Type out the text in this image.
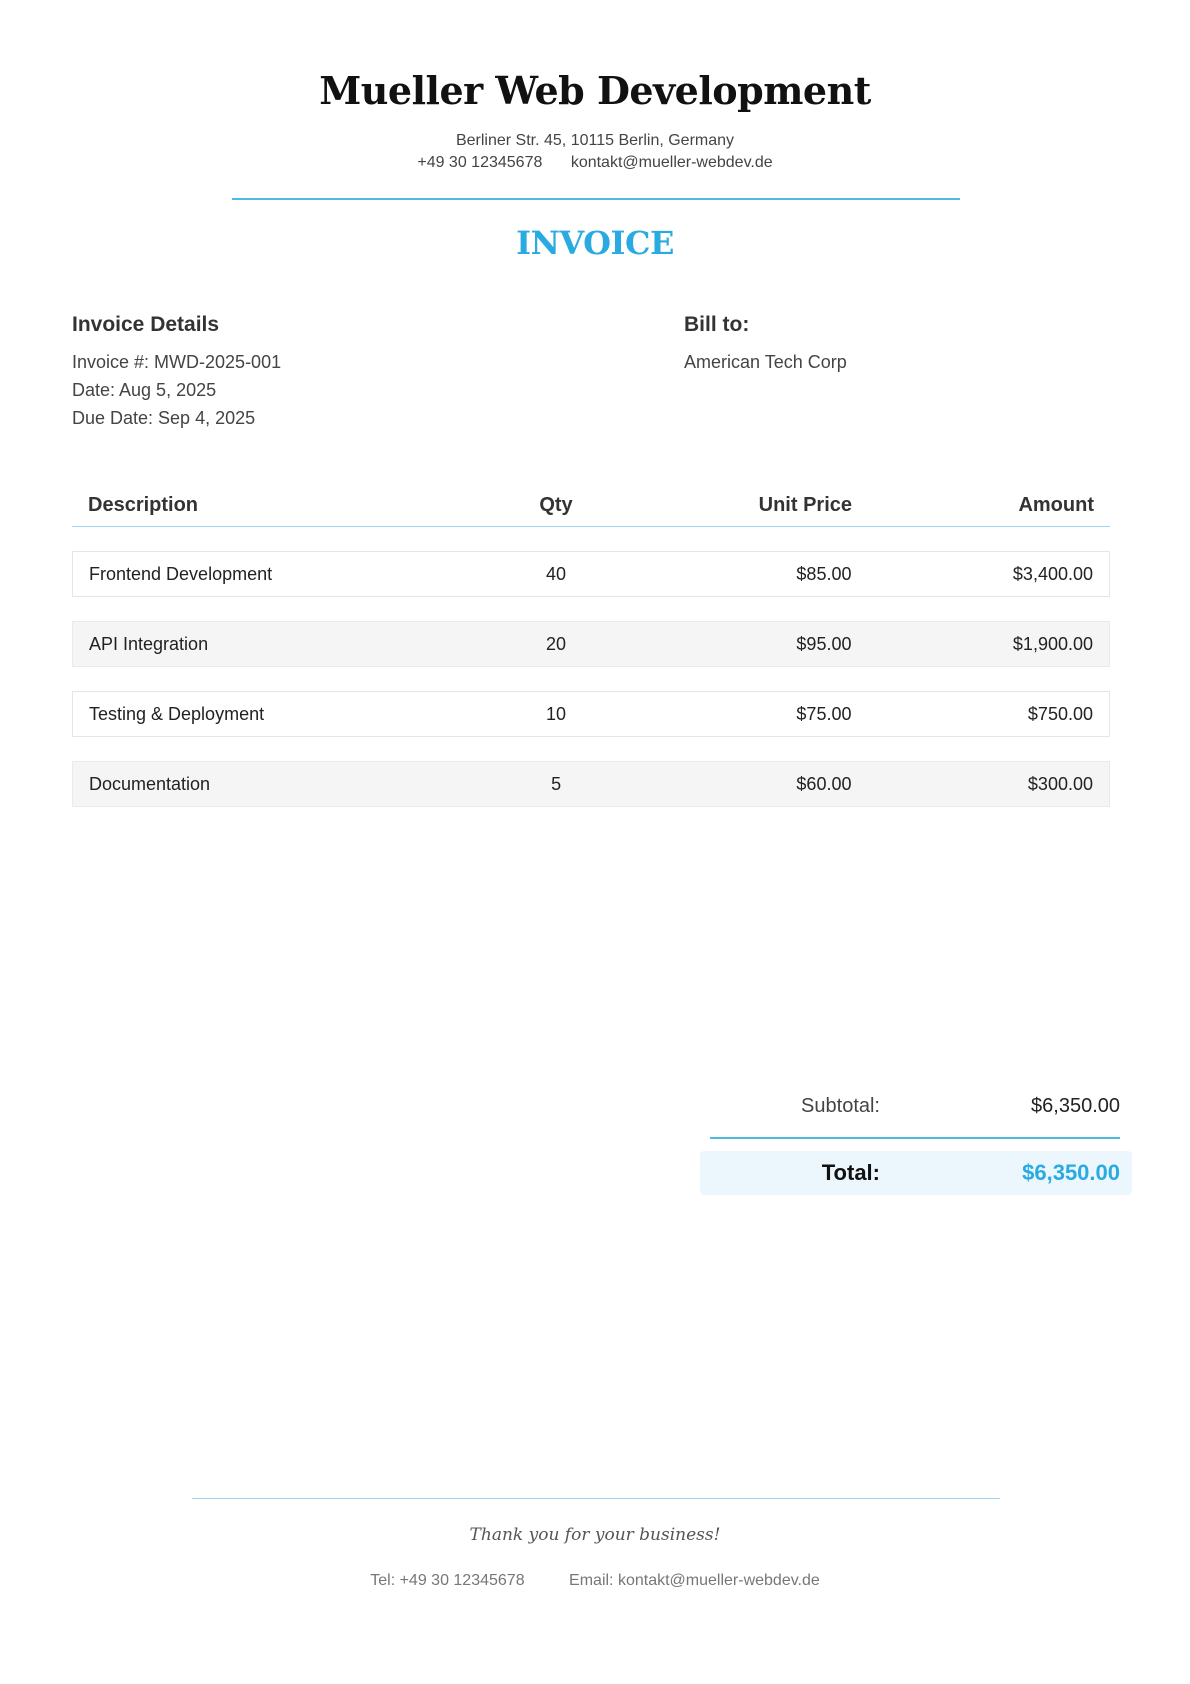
Mueller Web Development
Berliner Str. 45, 10115 Berlin, Germany
+49 30 12345678 kontakt@mueller-webdev.de
INVOICE
Invoice Details
Invoice #: MWD-2025-001
Date: Aug 5, 2025
Due Date: Sep 4, 2025
Bill to:
American Tech Corp
Description	Qty	Unit Price	Amount
Frontend Development	40	$85.00	$3,400.00
API Integration	20	$95.00	$1,900.00
Testing & Deployment	10	$75.00	$750.00
Documentation	5	$60.00	$300.00
Subtotal:	$6,350.00
Total:	$6,350.00
Thank you for your business!
Tel: +49 30 12345678	Email: kontakt@mueller-webdev.de
